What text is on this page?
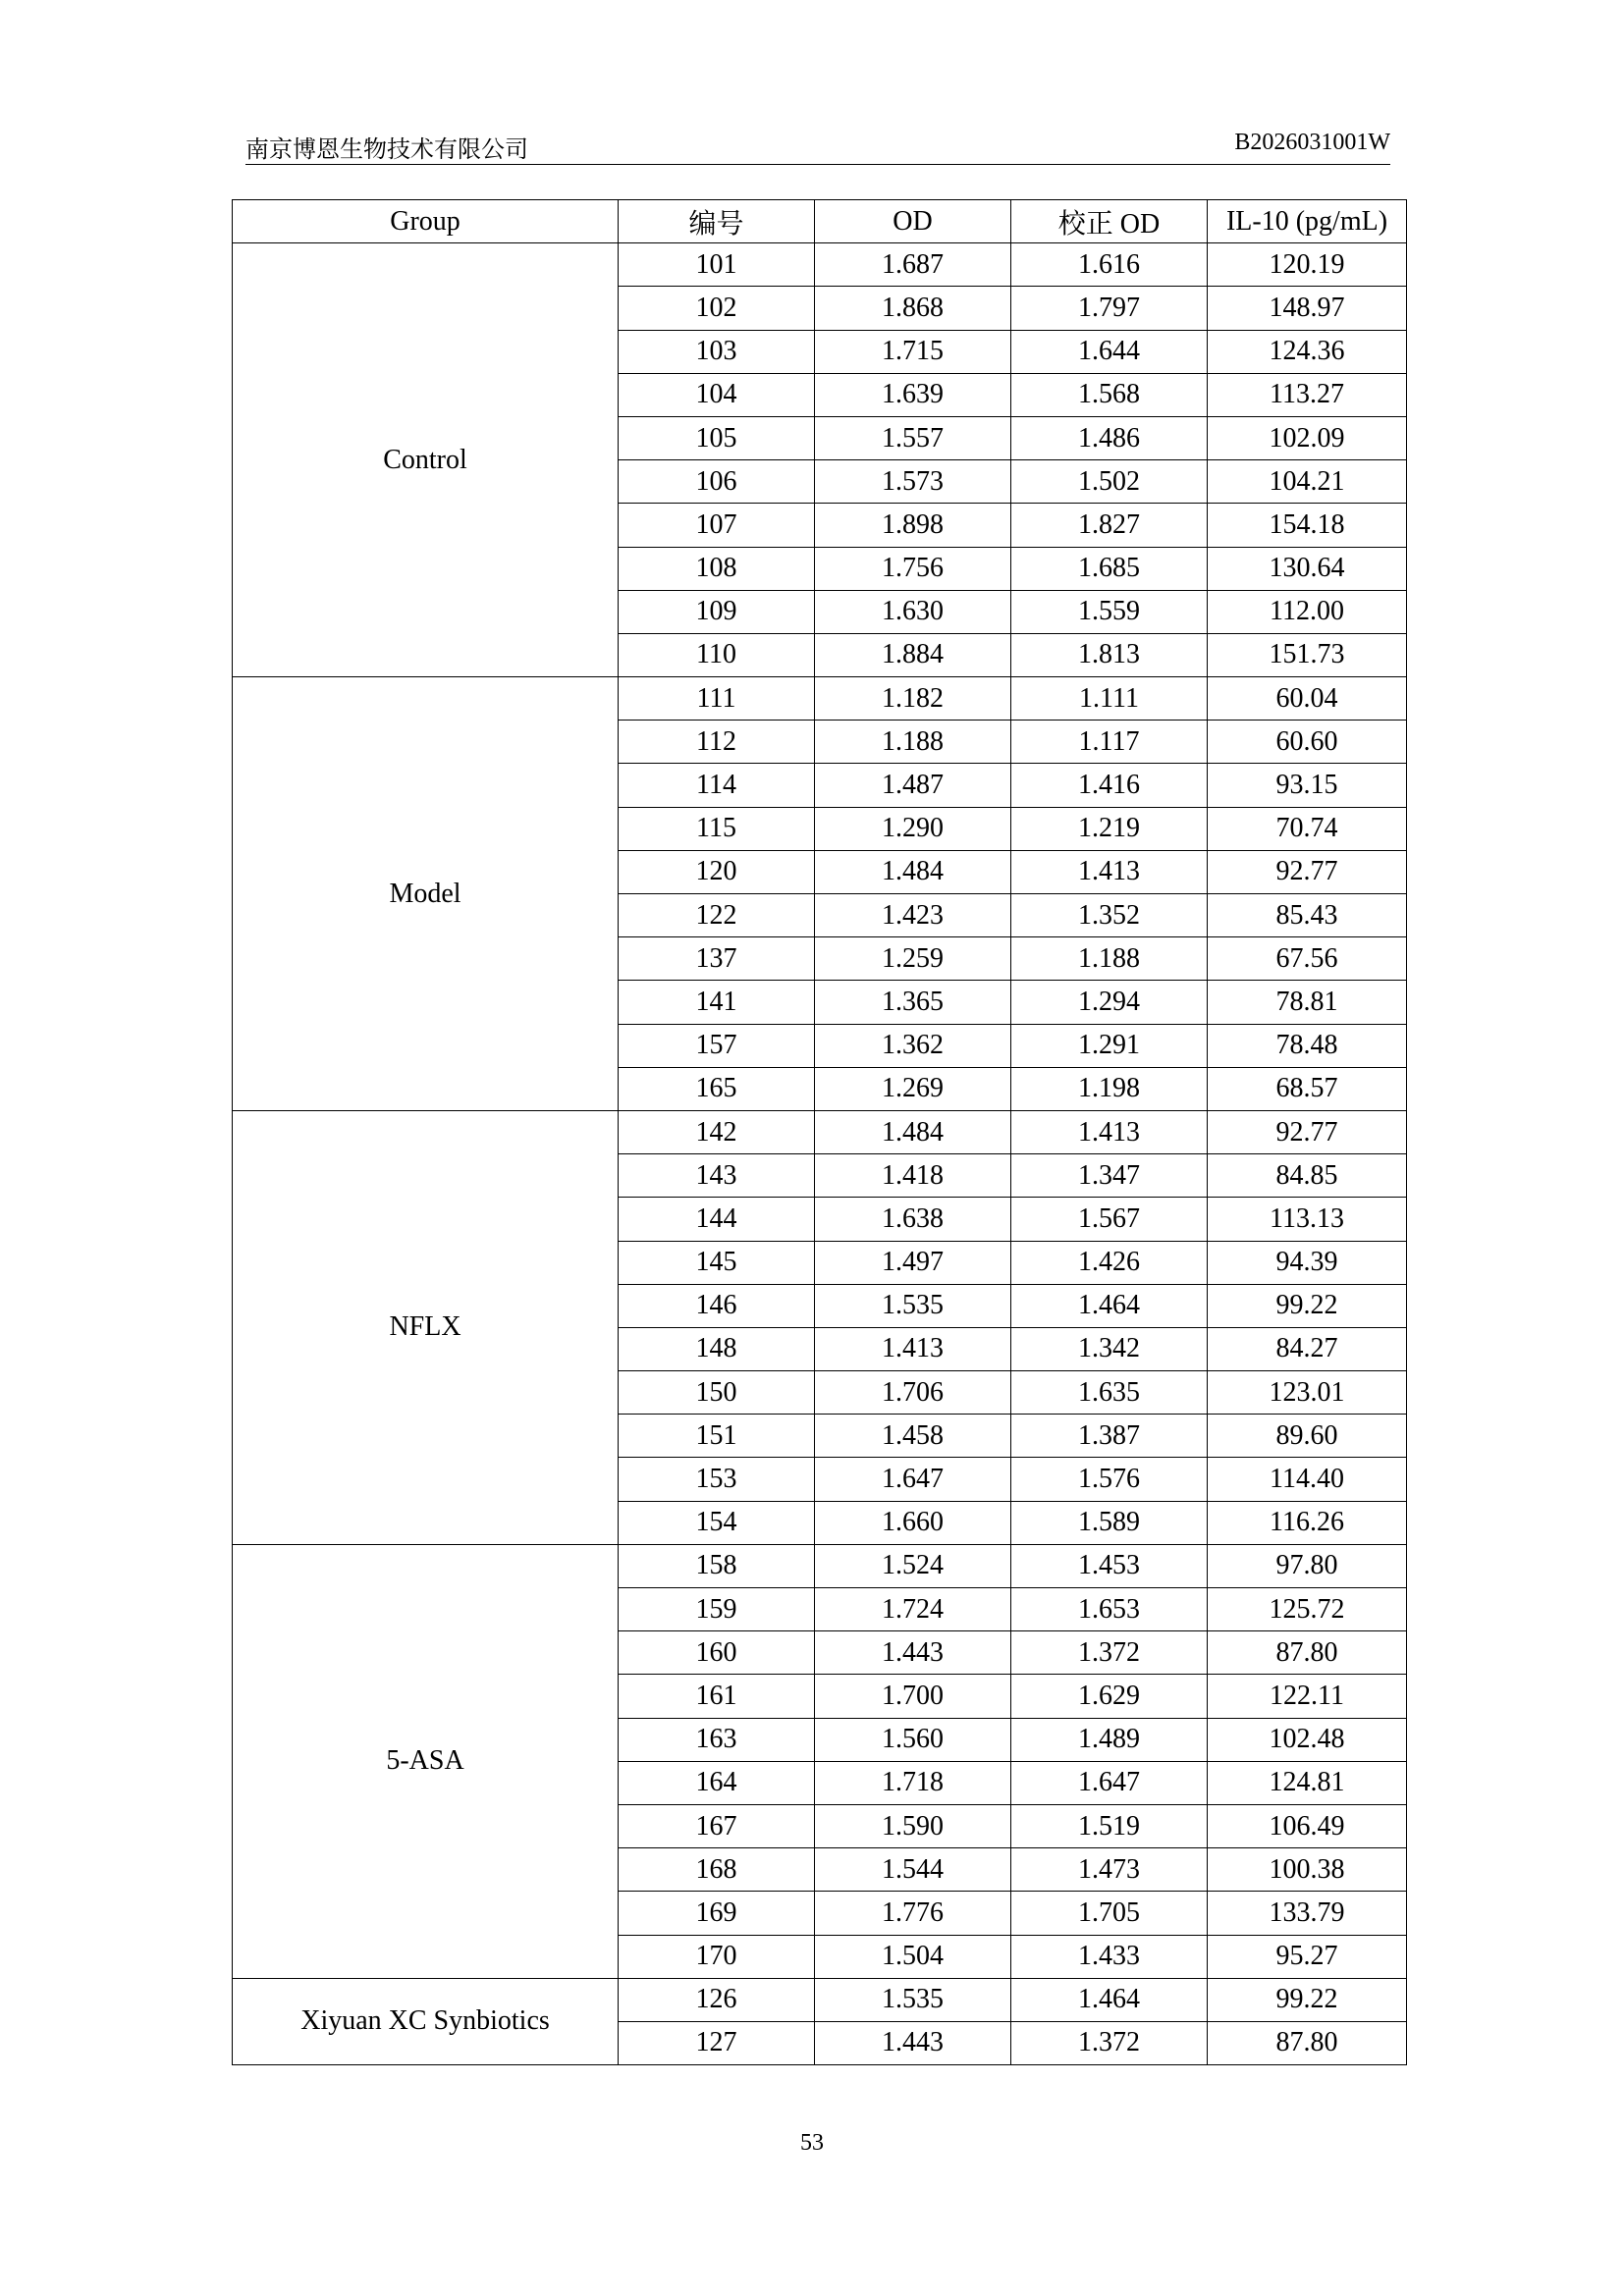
南京博恩生物技术有限公司	B2026031001W
Group	编号	OD	校正 OD	IL-10 (pg/mL)
Control	101	1.687	1.616	120.19
	102	1.868	1.797	148.97
	103	1.715	1.644	124.36
	104	1.639	1.568	113.27
	105	1.557	1.486	102.09
	106	1.573	1.502	104.21
	107	1.898	1.827	154.18
	108	1.756	1.685	130.64
	109	1.630	1.559	112.00
	110	1.884	1.813	151.73
Model	111	1.182	1.111	60.04
	112	1.188	1.117	60.60
	114	1.487	1.416	93.15
	115	1.290	1.219	70.74
	120	1.484	1.413	92.77
	122	1.423	1.352	85.43
	137	1.259	1.188	67.56
	141	1.365	1.294	78.81
	157	1.362	1.291	78.48
	165	1.269	1.198	68.57
NFLX	142	1.484	1.413	92.77
	143	1.418	1.347	84.85
	144	1.638	1.567	113.13
	145	1.497	1.426	94.39
	146	1.535	1.464	99.22
	148	1.413	1.342	84.27
	150	1.706	1.635	123.01
	151	1.458	1.387	89.60
	153	1.647	1.576	114.40
	154	1.660	1.589	116.26
5-ASA	158	1.524	1.453	97.80
	159	1.724	1.653	125.72
	160	1.443	1.372	87.80
	161	1.700	1.629	122.11
	163	1.560	1.489	102.48
	164	1.718	1.647	124.81
	167	1.590	1.519	106.49
	168	1.544	1.473	100.38
	169	1.776	1.705	133.79
	170	1.504	1.433	95.27
Xiyuan XC Synbiotics	126	1.535	1.464	99.22
	127	1.443	1.372	87.80
53
